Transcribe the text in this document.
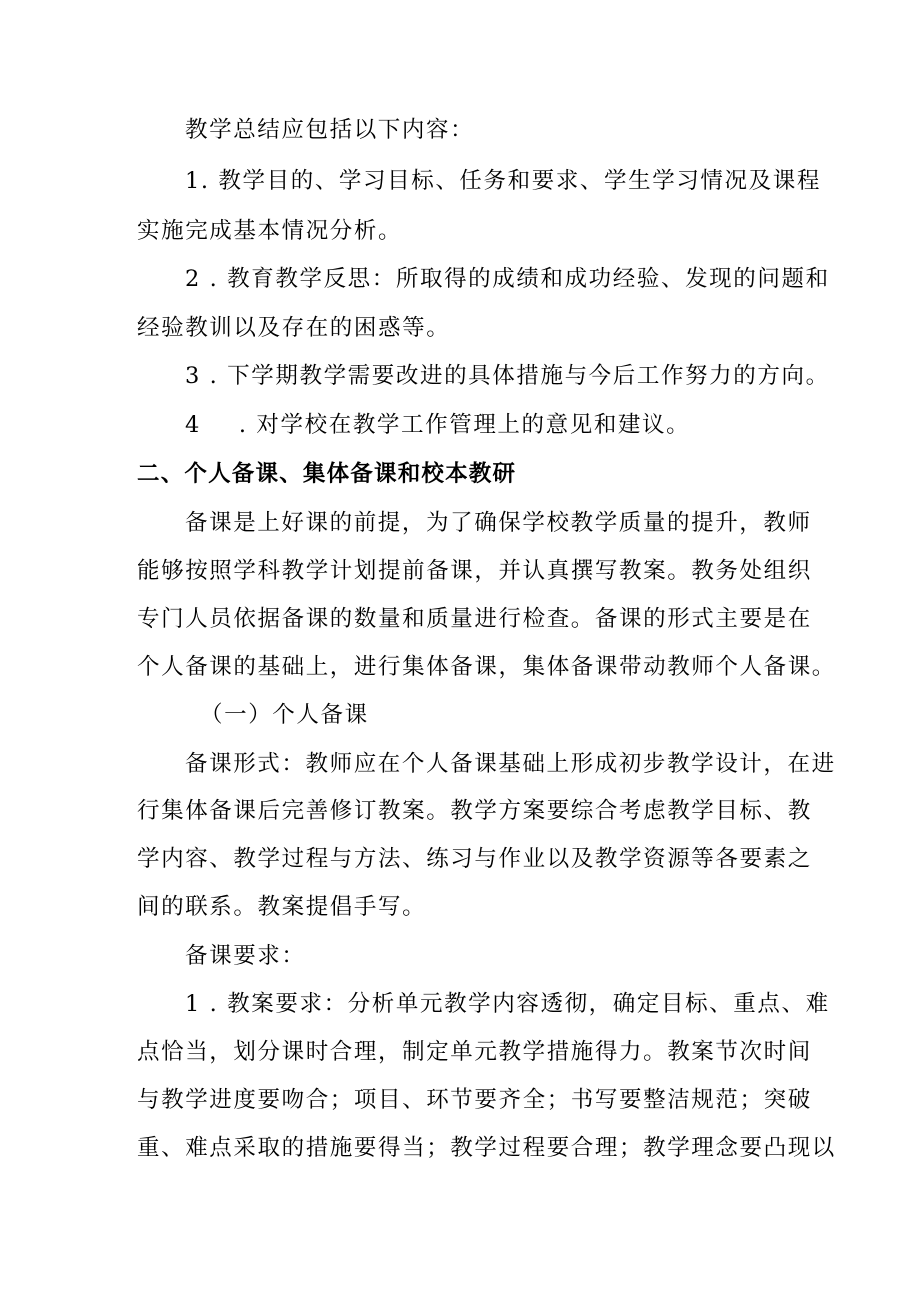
教学总结应包括以下内容：
1. 教学目的、学习目标、任务和要求、学生学习情况及课程
实施完成基本情况分析。
2 . 教育教学反思：所取得的成绩和成功经验、发现的问题和
经验教训以及存在的困惑等。
3 . 下学期教学需要改进的具体措施与今后工作努力的方向。
4 . 对学校在教学工作管理上的意见和建议。
二、个人备课、集体备课和校本教研
备课是上好课的前提，为了确保学校教学质量的提升，教师
能够按照学科教学计划提前备课，并认真撰写教案。教务处组织
专门人员依据备课的数量和质量进行检查。备课的形式主要是在
个人备课的基础上，进行集体备课，集体备课带动教师个人备课。
（一）个人备课
备课形式：教师应在个人备课基础上形成初步教学设计，在进
行集体备课后完善修订教案。教学方案要综合考虑教学目标、教
学内容、教学过程与方法、练习与作业以及教学资源等各要素之
间的联系。教案提倡手写。
备课要求：
1 . 教案要求：分析单元教学内容透彻，确定目标、重点、难
点恰当，划分课时合理，制定单元教学措施得力。教案节次时间
与教学进度要吻合；项目、环节要齐全；书写要整洁规范；突破
重、难点采取的措施要得当；教学过程要合理；教学理念要凸现以
